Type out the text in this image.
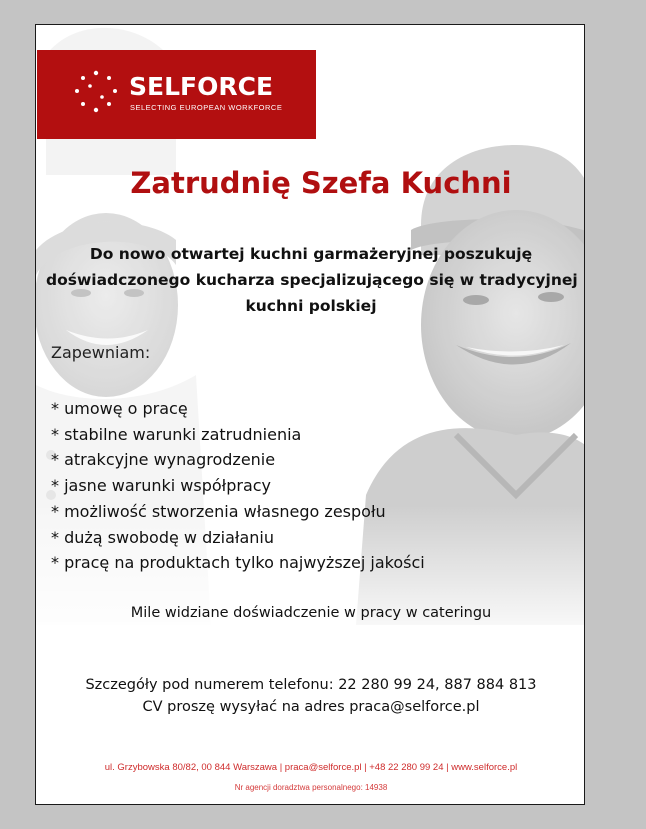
SELFORCE
SELECTING EUROPEAN WORKFORCE
Zatrudnię Szefa Kuchni
Do nowo otwartej kuchni garmażeryjnej poszukuję
doświadczonego kucharza specjalizującego się w tradycyjnej
kuchni polskiej
Zapewniam:
* umowę o pracę
* stabilne warunki zatrudnienia
* atrakcyjne wynagrodzenie
* jasne warunki współpracy
* możliwość stworzenia własnego zespołu
* dużą swobodę w działaniu
* pracę na produktach tylko najwyższej jakości
Mile widziane doświadczenie w pracy w cateringu
Szczegóły pod numerem telefonu: 22 280 99 24, 887 884 813
CV proszę wysyłać na adres praca@selforce.pl
ul. Grzybowska 80/82, 00 844 Warszawa | praca@selforce.pl | +48 22 280 99 24 | www.selforce.pl
Nr agencji doradztwa personalnego: 14938
